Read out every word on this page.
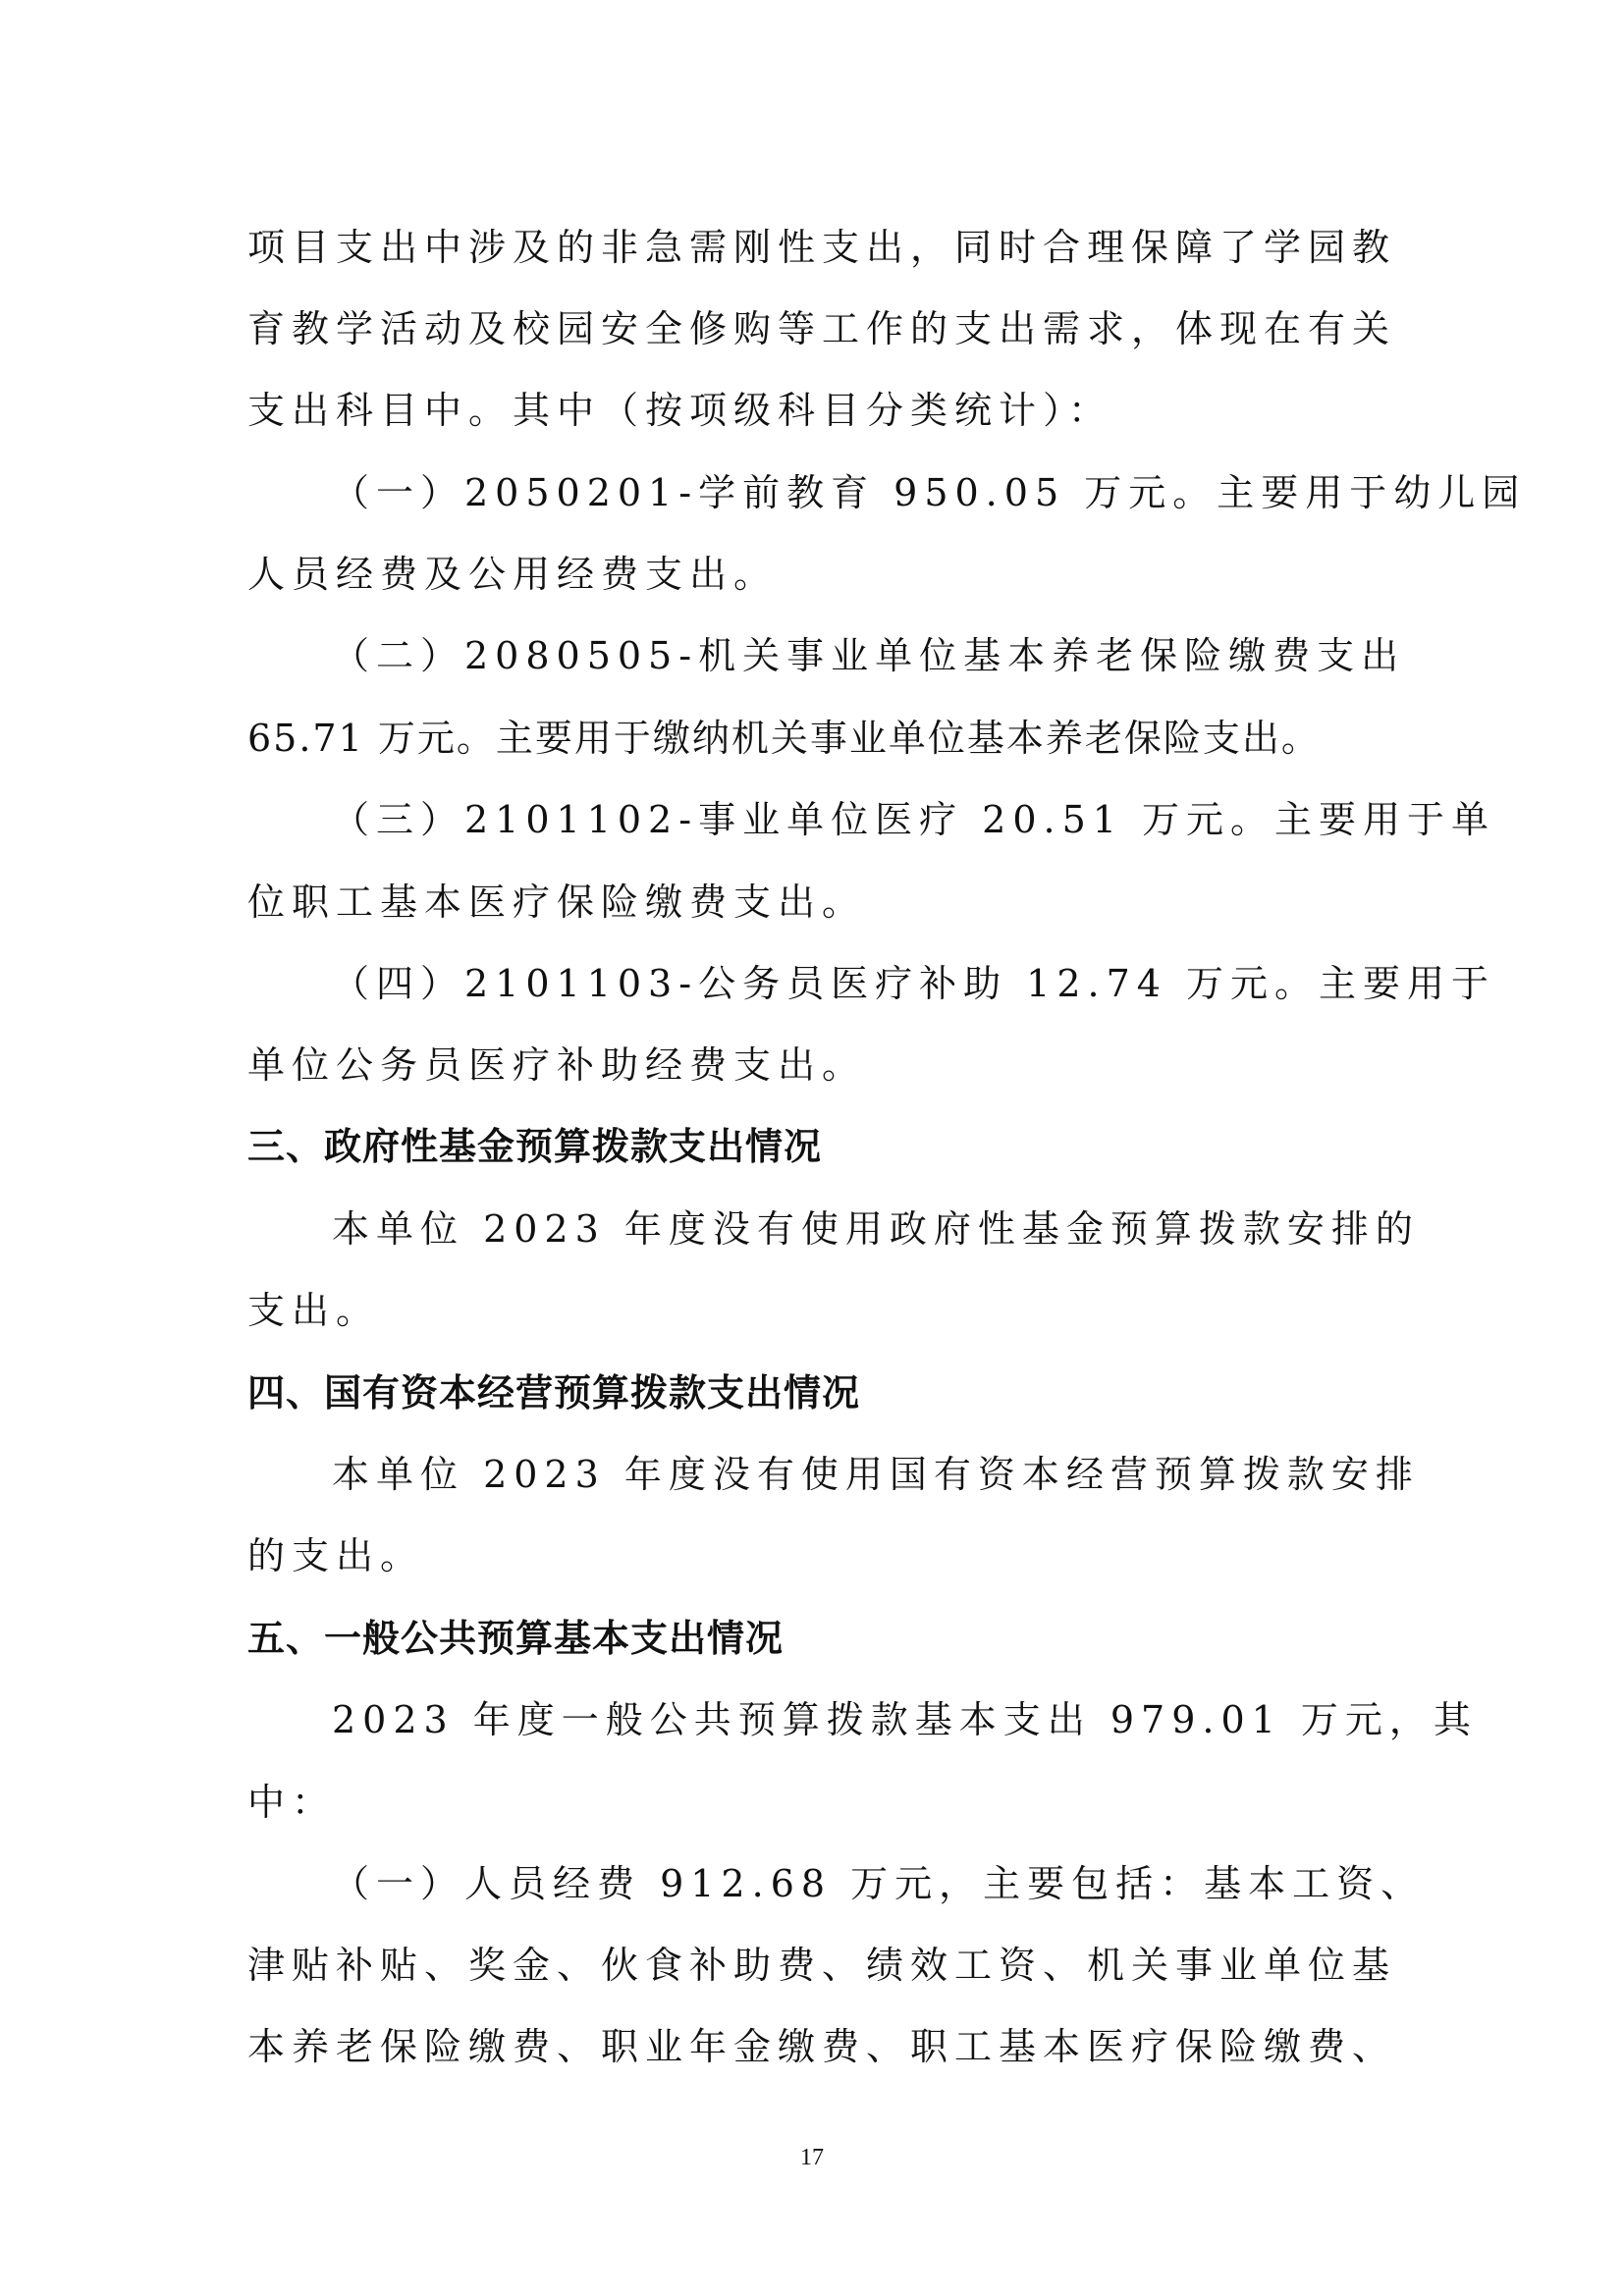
项目支出中涉及的非急需刚性支出，同时合理保障了学园教
育教学活动及校园安全修购等工作的支出需求，体现在有关
支出科目中。其中（按项级科目分类统计）：
（一）2050201-学前教育 950.05 万元。主要用于幼儿园
人员经费及公用经费支出。
（二）2080505-机关事业单位基本养老保险缴费支出
65.71 万元。主要用于缴纳机关事业单位基本养老保险支出。
（三）2101102-事业单位医疗 20.51 万元。主要用于单
位职工基本医疗保险缴费支出。
（四）2101103-公务员医疗补助 12.74 万元。主要用于
单位公务员医疗补助经费支出。
三、政府性基金预算拨款支出情况
本单位 2023 年度没有使用政府性基金预算拨款安排的
支出。
四、国有资本经营预算拨款支出情况
本单位 2023 年度没有使用国有资本经营预算拨款安排
的支出。
五、一般公共预算基本支出情况
2023 年度一般公共预算拨款基本支出 979.01 万元，其
中：
（一）人员经费 912.68 万元，主要包括：基本工资、
津贴补贴、奖金、伙食补助费、绩效工资、机关事业单位基
本养老保险缴费、职业年金缴费、职工基本医疗保险缴费、
17
